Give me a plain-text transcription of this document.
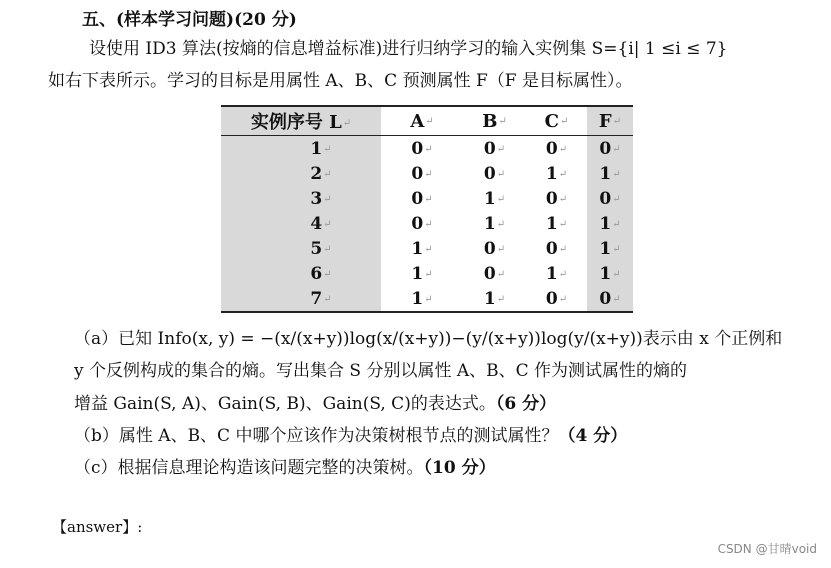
五、(样本学习问题)(20 分)
设使用 ID3 算法(按熵的信息增益标准)进行归纳学习的输入实例集 S={i| 1 ≤i ≤ 7}
如右下表所示。学习的目标是用属性 A、B、C 预测属性 F（F 是目标属性）。
实例序号 L↵	A↵	B↵	C↵	F↵
1↵	0↵	0↵	0↵	0↵
2↵	0↵	0↵	1↵	1↵
3↵	0↵	1↵	0↵	0↵
4↵	0↵	1↵	1↵	1↵
5↵	1↵	0↵	0↵	1↵
6↵	1↵	0↵	1↵	1↵
7↵	1↵	1↵	0↵	0↵
（a）已知 Info(x, y) = −(x/(x+y))log(x/(x+y))−(y/(x+y))log(y/(x+y))表示由 x 个正例和
y 个反例构成的集合的熵。写出集合 S 分别以属性 A、B、C 作为测试属性的熵的
增益 Gain(S, A)、Gain(S, B)、Gain(S, C)的表达式。（6 分）
（b）属性 A、B、C 中哪个应该作为决策树根节点的测试属性？（4 分）
（c）根据信息理论构造该问题完整的决策树。（10 分）
【answer】:
CSDN @甘晴void
